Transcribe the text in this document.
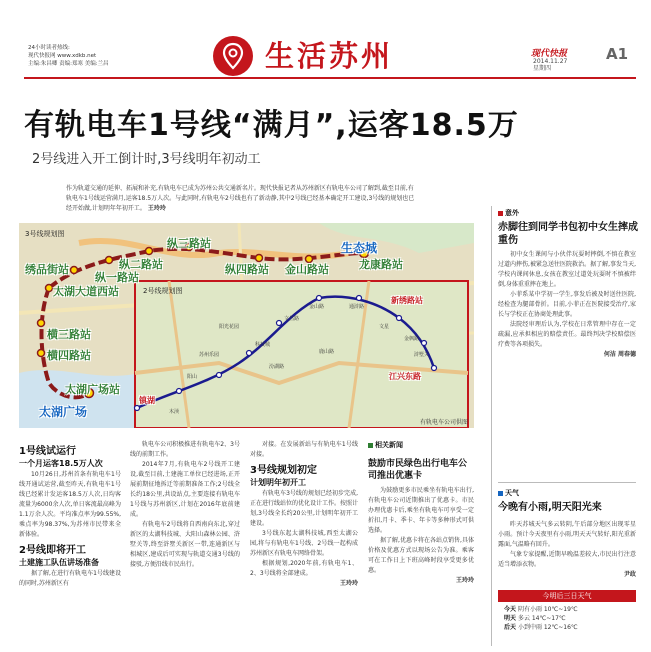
24小时读者热线:
现代快报网 www.xdkb.net
主编:朱昌卿 责编:郑寒 美编:兰昌	生活苏州	现代快报
2014.11.27
星期四
A1
有轨电车1号线“满月”,运客18.5万
2号线进入开工倒计时,3号线明年初动工
作为轨道交通的延伸、拓展和补充,有轨电车已成为苏州公共交通新名片。现代快报记者从苏州新区有轨电车公司了解到,截至目前,有轨电车1号线运营满月,运客18.5万人次。与此同时,有轨电车2号线也有了新动静,其中2号线已经基本确定开工建设,3号线的规划也已经开始做,计划明年年初开工。 王玲玲
3号线规划图
2号线规划图
绣品街站
纵三路站
纵二路站
纵一路站
纵四路站 金山路站
生态城
龙康路站
太湖大道西站
横三路站
横四路站
太湖广场站
太湖广场
新绣路站
镇湖
江兴东路
阳山
苏州乐园
科技城
文昌路
金山路	通浒路
文星
金枫路
浒墅关
汾湖路
鹿山路
阳光花园
木渎
有轨电车公司供图
1号线试运行
一个月运客18.5万人次

10月26日,苏州首条有轨电车1号线开通试运营,截至昨天,有轨电车1号线已经累计发运客18.5万人次,日均客流量为6000余人次,单日客流最高峰为1.1万余人次。平均准点率为99.55%,乘点率为98.37%,为苏州市民带来全新体验。

2号线即将开工
土建施工队伍讲场准备

据了解,在进行有轨电车1号线建设的同时,苏州新区有

轨电车公司积极推进有轨电车2、3号线的前期工作。

2014年7月,有轨电车2号线开工建设,截至目前,土建施工单位已经进场,正开展前期征地拆迁等前期准备工作;2号线全长约18公里,共设站点,主要连接有轨电车1号线与苏州新区,计划在2016年底前建成。

有轨电车2号线将自西南向东北,穿过新区的太湖科技城、大阳山森林公园、浒墅关等,终至浒墅关新区一带,连通新区与相城区,建成后可实现与轨道交通3号线的接驳,方便沿线市民出行。

对接。在发展新站与有轨电车1号线对接。

3号线规划初定
计划明年初开工

有轨电车3号线的规划已经初步完成,正在进行线站位的优化设计工作。按照计划,3号线全长约20公里,计划明年初开工建设。

3号线东起太湖科技城,西至太湖公园,将与有轨电车1号线、2号线一起构成苏州新区有轨电车网络骨架。

根据规划,2020年前,有轨电车1、2、3号线将全部建成。

王玲玲
相关新闻
鼓励市民绿色出行电车公司推出优惠卡

为鼓励更多市民乘坐有轨电车出行,有轨电车公司近期推出了优惠卡。市民办理优惠卡后,乘坐有轨电车可享受一定折扣,月卡、季卡、年卡等多种形式可供选择。

据了解,优惠卡将在各站点销售,具体价格及优惠方式以现场公告为准。乘客可在工作日上下班高峰时段享受更多优惠。

王玲玲
意外
赤脚往到同学书包初中女生摔成重伤

初中女生课间与小伙伴玩耍时摔倒,不慎在教室过道内摔伤,被紧急送往医院救治。据了解,事发当天,学校内课间休息,女孩在教室过道处玩耍时不慎被绊倒,身体重重摔在地上。

小菲系某中学初一学生,事发后被及时送往医院,经检查为腿部骨折。目前,小菲正在医院接受治疗,家长与学校正在协商处理此事。

法院经审理后认为,学校在日常管理中存在一定疏漏,应承担相应的赔偿责任。最终判决学校赔偿医疗费等各项损失。

何洁 周春德
天气
今晚有小雨,明天阳光来

昨天苏城天气多云转阴,午后部分地区出现零星小雨。预计今天夜里有小雨,明天天气转好,阳光重新露面,气温略有回升。

气象专家提醒,近期早晚温差较大,市民出行注意适当增添衣物。

尹政
今明后三日天气
今天 阴有小雨 10℃~19℃
明天 多云 14℃~17℃
后天 小到中雨 12℃~16℃
